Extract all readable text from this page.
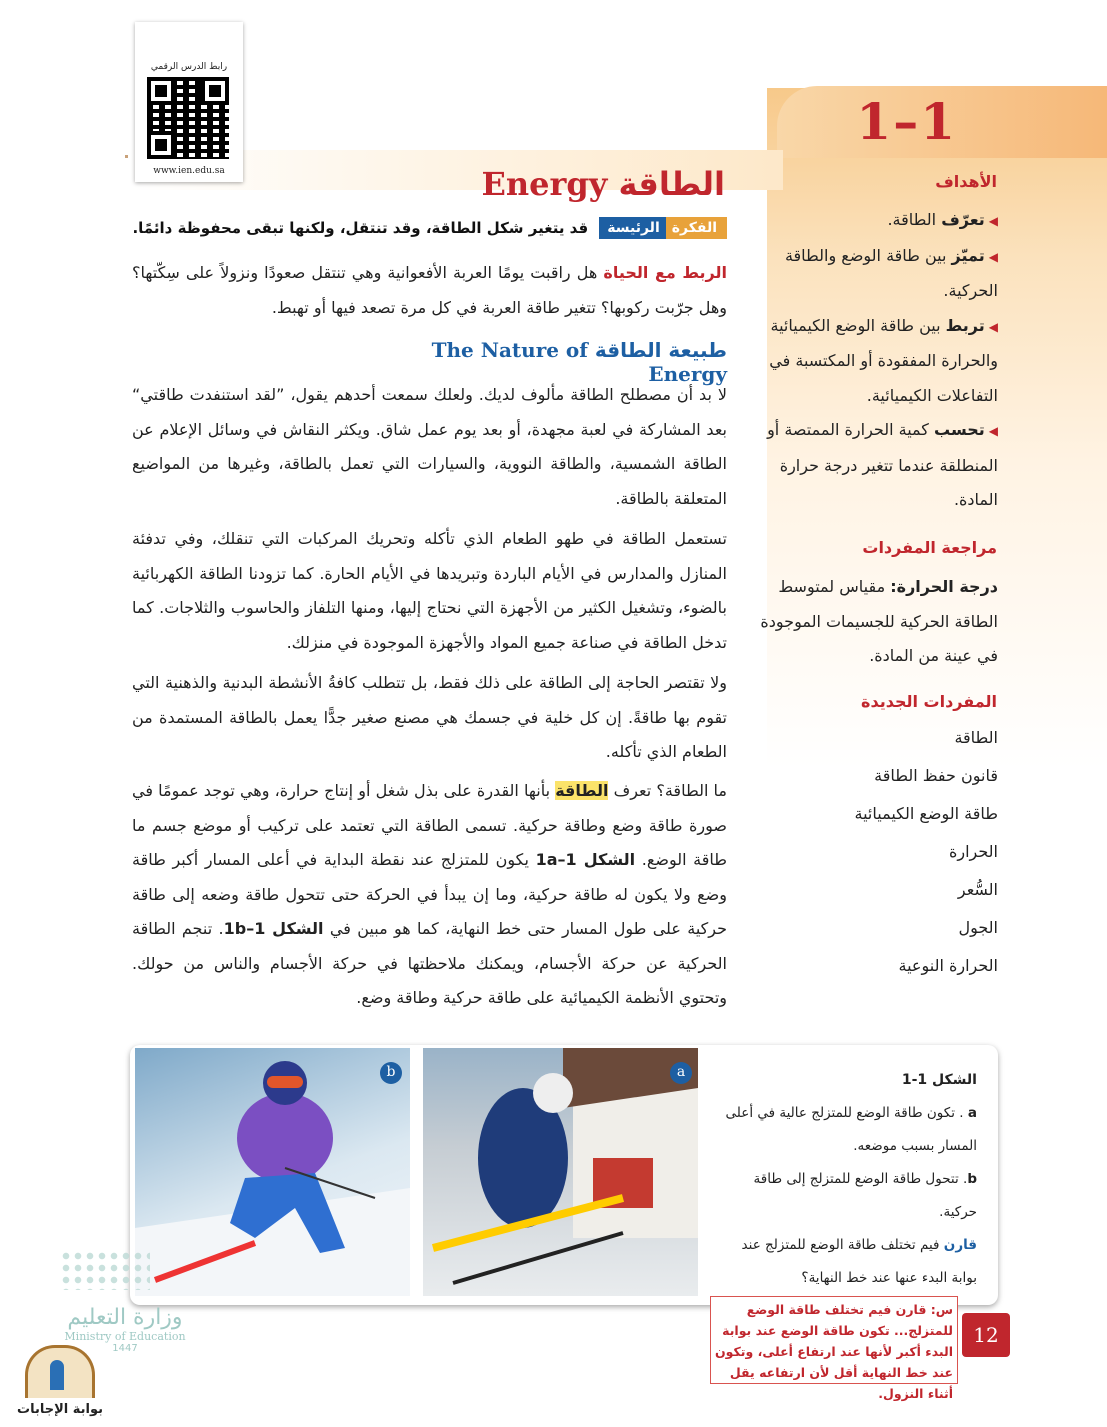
1–1
رابط الدرس الرقمي
www.ien.edu.sa	Energy الطاقة
الفكرةالرئيسة قد يتغير شكل الطاقة، وقد تنتقل، ولكنها تبقى محفوظة دائمًا.
الربط مع الحياة هل راقبت يومًا العربة الأفعوانية وهي تنتقل صعودًا ونزولاً على سِكّتها؟ وهل جرّبت ركوبها؟ تتغير طاقة العربة في كل مرة تصعد فيها أو تهبط.
طبيعة الطاقة The Nature of Energy
لا بد أن مصطلح الطاقة مألوف لديك. ولعلك سمعت أحدهم يقول، ”لقد استنفدت طاقتي“ بعد المشاركة في لعبة مجهدة، أو بعد يوم عمل شاق. ويكثر النقاش في وسائل الإعلام عن الطاقة الشمسية، والطاقة النووية، والسيارات التي تعمل بالطاقة، وغيرها من المواضيع المتعلقة بالطاقة.
تستعمل الطاقة في طهو الطعام الذي تأكله وتحريك المركبات التي تنقلك، وفي تدفئة المنازل والمدارس في الأيام الباردة وتبريدها في الأيام الحارة. كما تزودنا الطاقة الكهربائية بالضوء، وتشغيل الكثير من الأجهزة التي نحتاج إليها، ومنها التلفاز والحاسوب والثلاجات. كما تدخل الطاقة في صناعة جميع المواد والأجهزة الموجودة في منزلك.
ولا تقتصر الحاجة إلى الطاقة على ذلك فقط، بل تتطلب كافةُ الأنشطة البدنية والذهنية التي تقوم بها طاقةً. إن كل خلية في جسمك هي مصنع صغير جدًّا يعمل بالطاقة المستمدة من الطعام الذي تأكله.
ما الطاقة؟ تعرف الطاقة بأنها القدرة على بذل شغل أو إنتاج حرارة، وهي توجد عمومًا في صورة طاقة وضع وطاقة حركية. تسمى الطاقة التي تعتمد على تركيب أو موضع جسم ما طاقة الوضع. الشكل 1–1a يكون للمتزلج عند نقطة البداية في أعلى المسار أكبر طاقة وضع ولا يكون له طاقة حركية، وما إن يبدأ في الحركة حتى تتحول طاقة وضعه إلى طاقة حركية على طول المسار حتى خط النهاية، كما هو مبين في الشكل 1–1b. تنجم الطاقة الحركية عن حركة الأجسام، ويمكنك ملاحظتها في حركة الأجسام والناس من حولك. وتحتوي الأنظمة الكيميائية على طاقة حركية وطاقة وضع.
الأهداف
◀ تعرّف الطاقة.
◀ تميّز بين طاقة الوضع والطاقة الحركية.
◀ تربط بين طاقة الوضع الكيميائية والحرارة المفقودة أو المكتسبة في التفاعلات الكيميائية.
◀ تحسب كمية الحرارة الممتصة أو المنطلقة عندما تتغير درجة حرارة المادة.
مراجعة المفردات
درجة الحرارة: مقياس لمتوسط الطاقة الحركية للجسيمات الموجودة في عينة من المادة.
المفردات الجديدة
الطاقة
قانون حفظ الطاقة
طاقة الوضع الكيميائية
الحرارة
السُّعر
الجول
الحرارة النوعية
b	a	الشكل 1-1
a . تكون طاقة الوضع للمتزلج عالية في أعلى المسار بسبب موضعه.
b. تتحول طاقة الوضع للمتزلج إلى طاقة حركية.
قارن فيم تختلف طاقة الوضع للمتزلج عند بوابة البدء عنها عند خط النهاية؟
س: قارن فيم تختلف طاقة الوضع للمتزلج... تكون طاقة الوضع عند بوابة البدء أكبر لأنها عند ارتفاع أعلى، وتكون عند خط النهاية أقل لأن ارتفاعه يقل أثناء النزول.
12
وزارة التعليم
Ministry of Education
1447
بوابة الإجابات
